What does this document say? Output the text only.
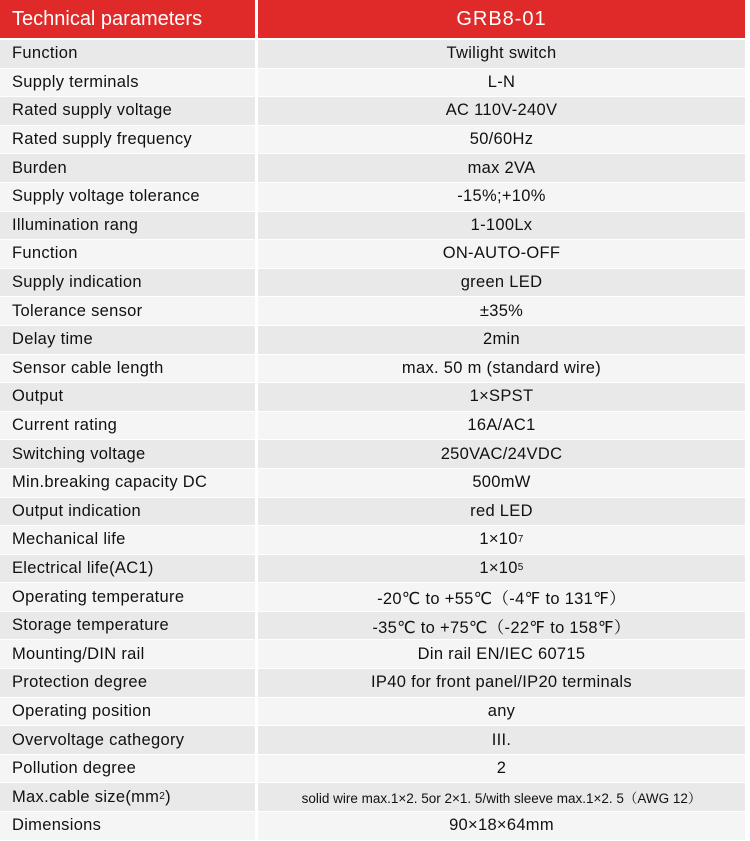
Technical parameters	GRB8-01
Function	Twilight switch
Supply terminals	L-N
Rated supply voltage	AC 110V-240V
Rated supply frequency	50/60Hz
Burden	max 2VA
Supply voltage tolerance	-15%;+10%
Illumination rang	1-100Lx
Function	ON-AUTO-OFF
Supply indication	green LED
Tolerance sensor	±35%
Delay time	2min
Sensor cable length	max. 50 m (standard wire)
Output	1×SPST
Current rating	16A/AC1
Switching voltage	250VAC/24VDC
Min.breaking capacity DC	500mW
Output indication	red LED
Mechanical life	1×10 7
Electrical life(AC1)	1×10 5
Operating temperature	-20℃ to +55℃（-4℉ to 131℉）
Storage temperature	-35℃ to +75℃（-22℉ to 158℉）
Mounting/DIN rail	Din rail EN/IEC 60715
Protection degree	IP40 for front panel/IP20 terminals
Operating position	any
Overvoltage cathegory	III.
Pollution degree	2
Max.cable size(mm 2 )	solid wire max.1×2. 5or 2×1. 5/with sleeve max.1×2. 5（AWG 12）
Dimensions	90×18×64mm
